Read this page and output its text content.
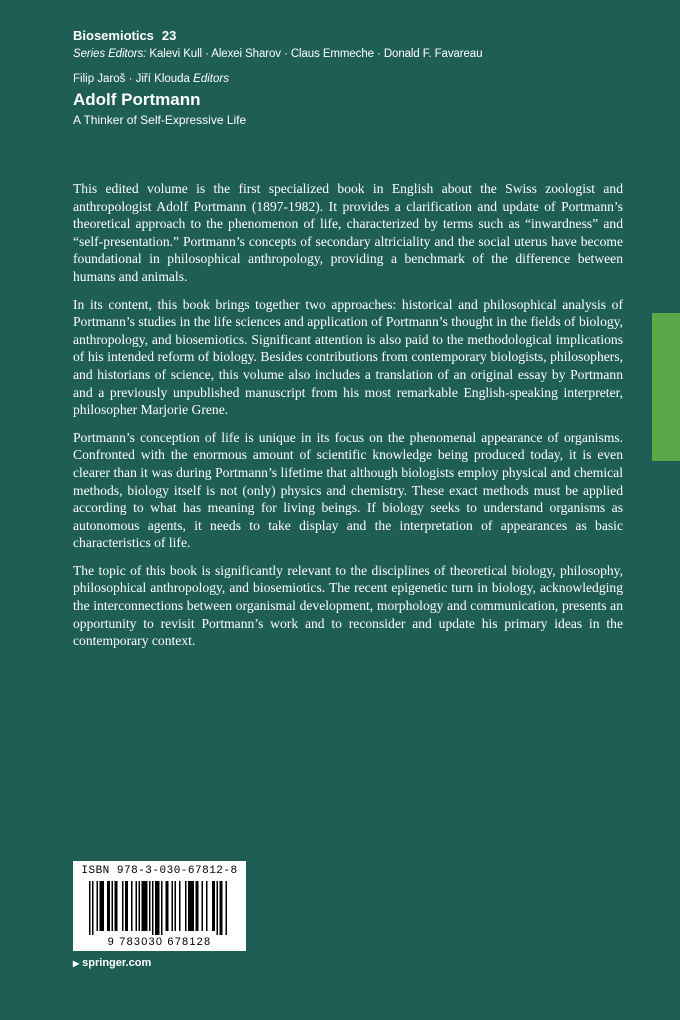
Biosemiotics 23
Series Editors: Kalevi Kull · Alexei Sharov · Claus Emmeche · Donald F. Favareau
Filip Jaroš · Jiří Klouda Editors
Adolf Portmann
A Thinker of Self-Expressive Life

This edited volume is the first specialized book in English about the Swiss zoologist and anthropologist Adolf Portmann (1897-1982). It provides a clarification and update of Portmann’s theoretical approach to the phenomenon of life, characterized by terms such as “inwardness” and “self-presentation.” Portmann’s concepts of secondary altriciality and the social uterus have become foundational in philosophical anthropology, providing a benchmark of the difference between humans and animals.

In its content, this book brings together two approaches: historical and philosophical analysis of Portmann’s studies in the life sciences and application of Portmann’s thought in the fields of biology, anthropology, and biosemiotics. Significant attention is also paid to the methodological implications of his intended reform of biology. Besides contributions from contemporary biologists, philosophers, and historians of science, this volume also includes a translation of an original essay by Portmann and a previously unpublished manuscript from his most remarkable English-speaking interpreter, philosopher Marjorie Grene.

Portmann’s conception of life is unique in its focus on the phenomenal appearance of organisms. Confronted with the enormous amount of scientific knowledge being produced today, it is even clearer than it was during Portmann’s lifetime that although biologists employ physical and chemical methods, biology itself is not (only) physics and chemistry. These exact methods must be applied according to what has meaning for living beings. If biology seeks to understand organisms as autonomous agents, it needs to take display and the interpretation of appearances as basic characteristics of life.

The topic of this book is significantly relevant to the disciplines of theoretical biology, philosophy, philosophical anthropology, and biosemiotics. The recent epigenetic turn in biology, acknowledging the interconnections between organismal development, morphology and communication, presents an opportunity to revisit Portmann’s work and to reconsider and update his primary ideas in the contemporary context.

ISBN 978-3-030-67812-8
9 783030 678128
▶ springer.com
